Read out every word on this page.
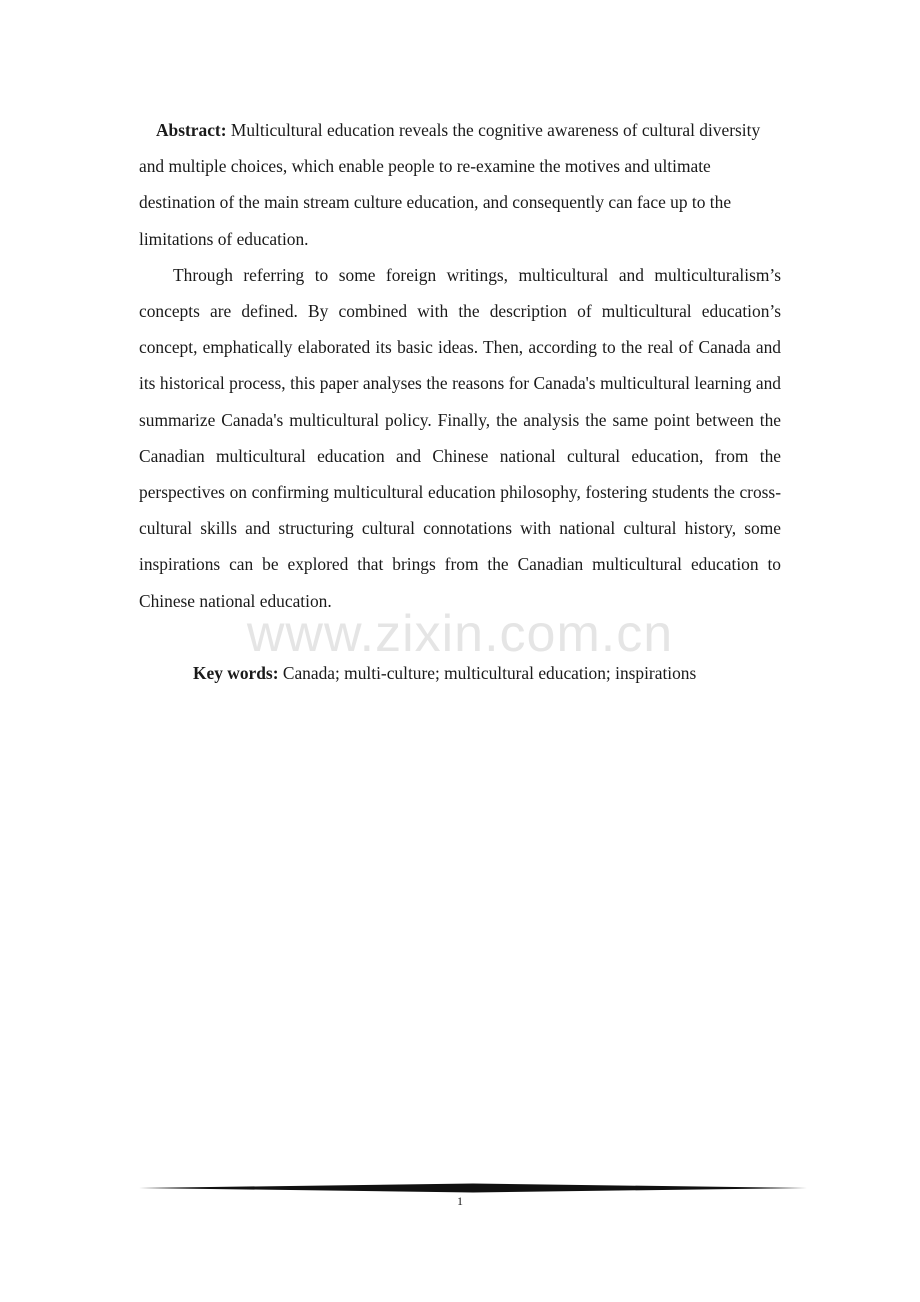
Abstract: Multicultural education reveals the cognitive awareness of cultural diversity and multiple choices, which enable people to re-examine the motives and ultimate destination of the main stream culture education, and consequently can face up to the limitations of education.

Through referring to some foreign writings, multicultural and multiculturalism’s concepts are defined. By combined with the description of multicultural education’s concept, emphatically elaborated its basic ideas. Then, according to the real of Canada and its historical process, this paper analyses the reasons for Canada's multicultural learning and summarize Canada's multicultural policy. Finally, the analysis the same point between the Canadian multicultural education and Chinese national cultural education, from the perspectives on confirming multicultural education philosophy, fostering students the cross-cultural skills and structuring cultural connotations with national cultural history, some inspirations can be explored that brings from the Canadian multicultural education to Chinese national education.

www.zixin.com.cn

Key words: Canada; multi-culture; multicultural education; inspirations

1
